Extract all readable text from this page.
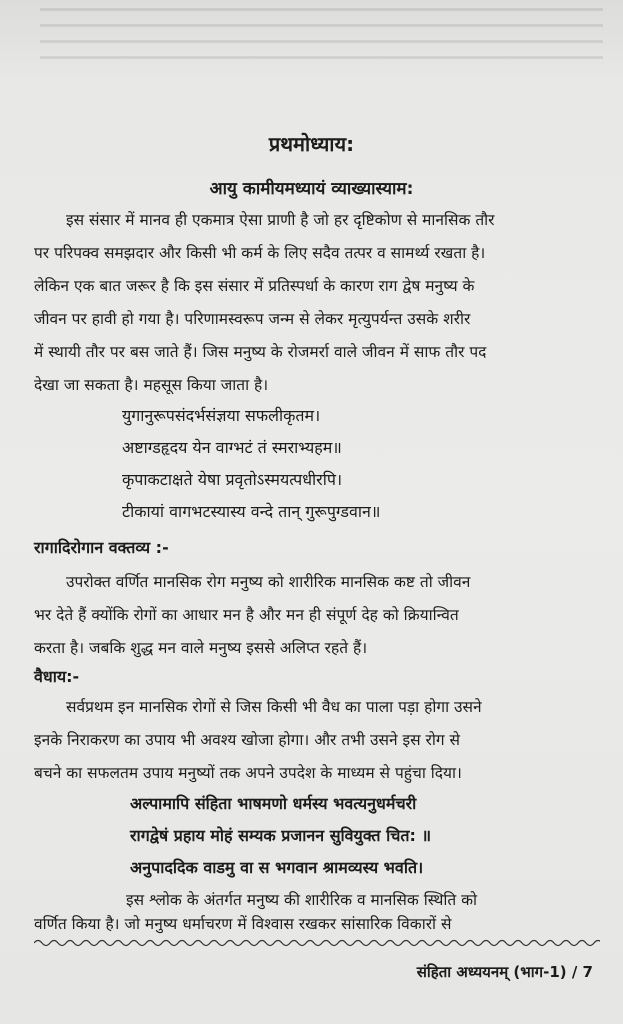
प्रथमोध्याय:
आयु कामीयमध्यायं व्याख्यास्याम:
इस संसार में मानव ही एकमात्र ऐसा प्राणी है जो हर दृष्टिकोण से मानसिक तौर
पर परिपक्व समझदार और किसी भी कर्म के लिए सदैव तत्पर व सामर्थ्य रखता है।
लेकिन एक बात जरूर है कि इस संसार में प्रतिस्पर्धा के कारण राग द्वेष मनुष्य के
जीवन पर हावी हो गया है। परिणामस्वरूप जन्म से लेकर मृत्युपर्यन्त उसके शरीर
में स्थायी तौर पर बस जाते हैं। जिस मनुष्य के रोजमर्रा वाले जीवन में साफ तौर पद
देखा जा सकता है। महसूस किया जाता है।
युगानुरूपसंदर्भसंज्ञया सफलीकृतम।
अष्टाग्डहृदय येन वाग्भटं तं स्मराभ्यहम॥
कृपाकटाक्षते येषा प्रवृतोऽस्मयत्पधीरपि।
टीकायां वागभटस्यास्य वन्दे तान् गुरूपुग्डवान॥
रागादिरोगान वक्तव्य :-
उपरोक्त वर्णित मानसिक रोग मनुष्य को शारीरिक मानसिक कष्ट तो जीवन
भर देते हैं क्योंकि रोगों का आधार मन है और मन ही संपूर्ण देह को क्रियान्वित
करता है। जबकि शुद्ध मन वाले मनुष्य इससे अलिप्त रहते हैं।
वैधाय:-
सर्वप्रथम इन मानसिक रोगों से जिस किसी भी वैध का पाला पड़ा होगा उसने
इनके निराकरण का उपाय भी अवश्य खोजा होगा। और तभी उसने इस रोग से
बचने का सफलतम उपाय मनुष्यों तक अपने उपदेश के माध्यम से पहुंचा दिया।
अल्पामापि संहिता भाषमणो धर्मस्य भवत्यनुधर्मचरी
रागद्वेषं प्रहाय मोहं सम्यक प्रजानन सुवियुक्त चित: ॥
अनुपाददिक वाडमु वा स भगवान श्रामव्यस्य भवति।
इस श्लोक के अंतर्गत मनुष्य की शारीरिक व मानसिक स्थिति को
वर्णित किया है। जो मनुष्य धर्माचरण में विश्वास रखकर सांसारिक विकारों से
संहिता अध्ययनम् (भाग-1) / 7
